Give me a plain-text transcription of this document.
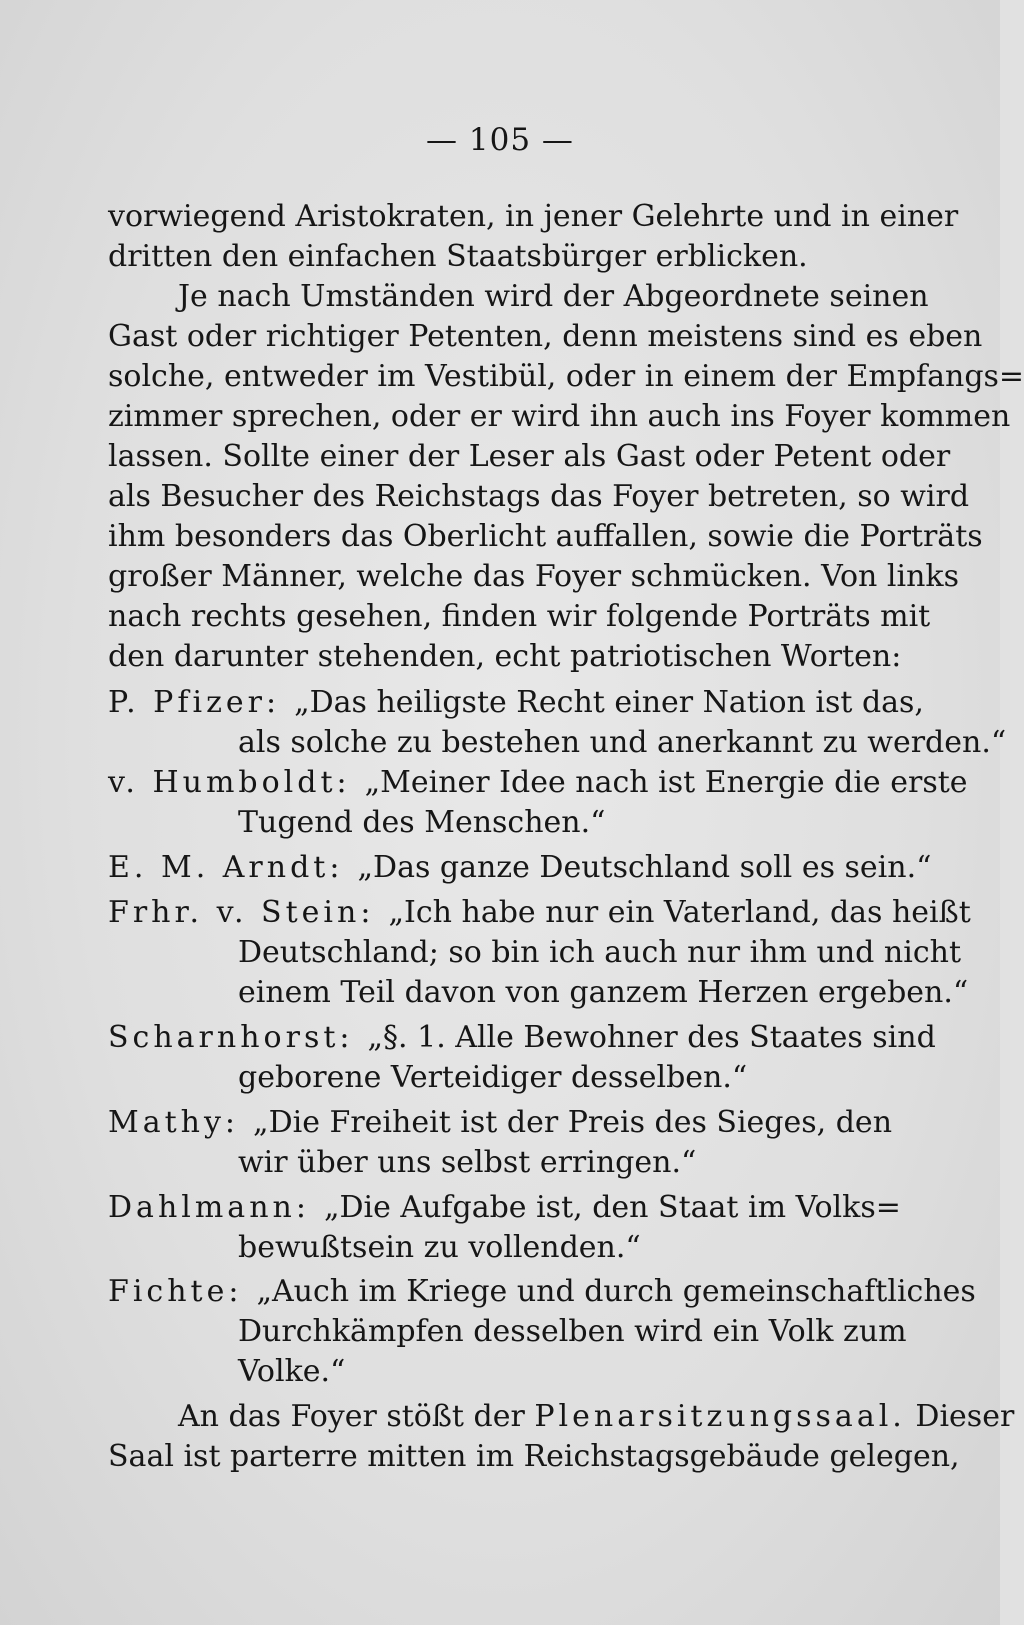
— 105 —
vorwiegend Aristokraten, in jener Gelehrte und in einer
dritten den einfachen Staatsbürger erblicken.
Je nach Umständen wird der Abgeordnete seinen
Gast oder richtiger Petenten, denn meistens sind es eben
solche, entweder im Vestibül, oder in einem der Empfangs=
zimmer sprechen, oder er wird ihn auch ins Foyer kommen
lassen. Sollte einer der Leser als Gast oder Petent oder
als Besucher des Reichstags das Foyer betreten, so wird
ihm besonders das Oberlicht auffallen, sowie die Porträts
großer Männer, welche das Foyer schmücken. Von links
nach rechts gesehen, finden wir folgende Porträts mit
den darunter stehenden, echt patriotischen Worten:
P. Pfizer: „Das heiligste Recht einer Nation ist das,
als solche zu bestehen und anerkannt zu werden.“
v. Humboldt: „Meiner Idee nach ist Energie die erste
Tugend des Menschen.“
E. M. Arndt: „Das ganze Deutschland soll es sein.“
Frhr. v. Stein: „Ich habe nur ein Vaterland, das heißt
Deutschland; so bin ich auch nur ihm und nicht
einem Teil davon von ganzem Herzen ergeben.“
Scharnhorst: „§. 1. Alle Bewohner des Staates sind
geborene Verteidiger desselben.“
Mathy: „Die Freiheit ist der Preis des Sieges, den
wir über uns selbst erringen.“
Dahlmann: „Die Aufgabe ist, den Staat im Volks=
bewußtsein zu vollenden.“
Fichte: „Auch im Kriege und durch gemeinschaftliches
Durchkämpfen desselben wird ein Volk zum
Volke.“
An das Foyer stößt der Plenarsitzungssaal. Dieser
Saal ist parterre mitten im Reichstagsgebäude gelegen,
